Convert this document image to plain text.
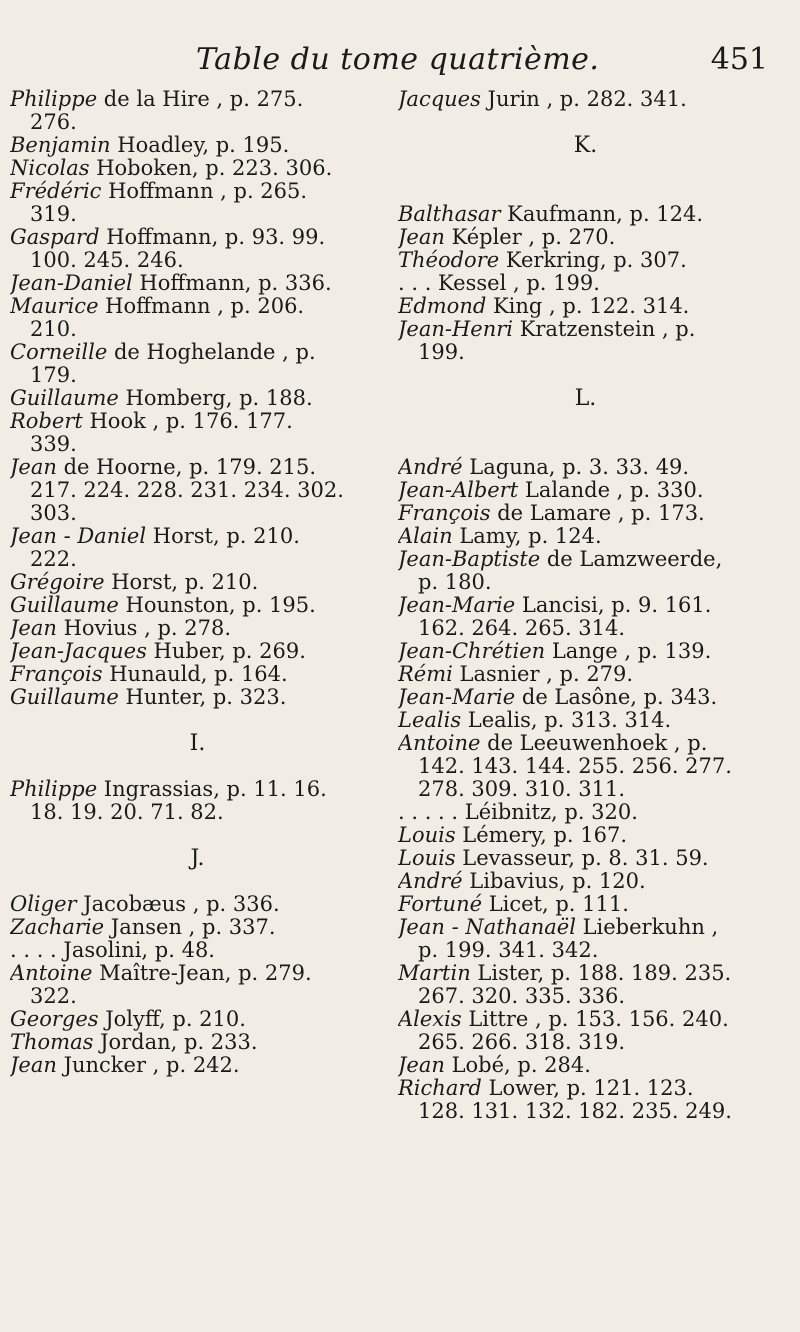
Table du tome quatrième.	451
Philippe de la Hire , p. 275.
276.
Benjamin Hoadley, p. 195.
Nicolas Hoboken, p. 223. 306.
Frédéric Hoffmann , p. 265.
319.
Gaspard Hoffmann, p. 93. 99.
100. 245. 246.
Jean-Daniel Hoffmann, p. 336.
Maurice Hoffmann , p. 206.
210.
Corneille de Hoghelande , p.
179.
Guillaume Homberg, p. 188.
Robert Hook , p. 176. 177.
339.
Jean de Hoorne, p. 179. 215.
217. 224. 228. 231. 234. 302.
303.
Jean - Daniel Horst, p. 210.
222.
Grégoire Horst, p. 210.
Guillaume Hounston, p. 195.
Jean Hovius , p. 278.
Jean-Jacques Huber, p. 269.
François Hunauld, p. 164.
Guillaume Hunter, p. 323.
I.
Philippe Ingrassias, p. 11. 16.
18. 19. 20. 71. 82.
J.
Oliger Jacobæus , p. 336.
Zacharie Jansen , p. 337.
. . . . Jasolini, p. 48.
Antoine Maître-Jean, p. 279.
322.
Georges Jolyff, p. 210.
Thomas Jordan, p. 233.
Jean Juncker , p. 242.
Jacques Jurin , p. 282. 341.
K.
Balthasar Kaufmann, p. 124.
Jean Képler , p. 270.
Théodore Kerkring, p. 307.
. . . Kessel , p. 199.
Edmond King , p. 122. 314.
Jean-Henri Kratzenstein , p.
199.
L.
André Laguna, p. 3. 33. 49.
Jean-Albert Lalande , p. 330.
François de Lamare , p. 173.
Alain Lamy, p. 124.
Jean-Baptiste de Lamzweerde,
p. 180.
Jean-Marie Lancisi, p. 9. 161.
162. 264. 265. 314.
Jean-Chrétien Lange , p. 139.
Rémi Lasnier , p. 279.
Jean-Marie de Lasône, p. 343.
Lealis Lealis, p. 313. 314.
Antoine de Leeuwenhoek , p.
142. 143. 144. 255. 256. 277.
278. 309. 310. 311.
. . . . . Léibnitz, p. 320.
Louis Lémery, p. 167.
Louis Levasseur, p. 8. 31. 59.
André Libavius, p. 120.
Fortuné Licet, p. 111.
Jean - Nathanaël Lieberkuhn ,
p. 199. 341. 342.
Martin Lister, p. 188. 189. 235.
267. 320. 335. 336.
Alexis Littre , p. 153. 156. 240.
265. 266. 318. 319.
Jean Lobé, p. 284.
Richard Lower, p. 121. 123.
128. 131. 132. 182. 235. 249.
